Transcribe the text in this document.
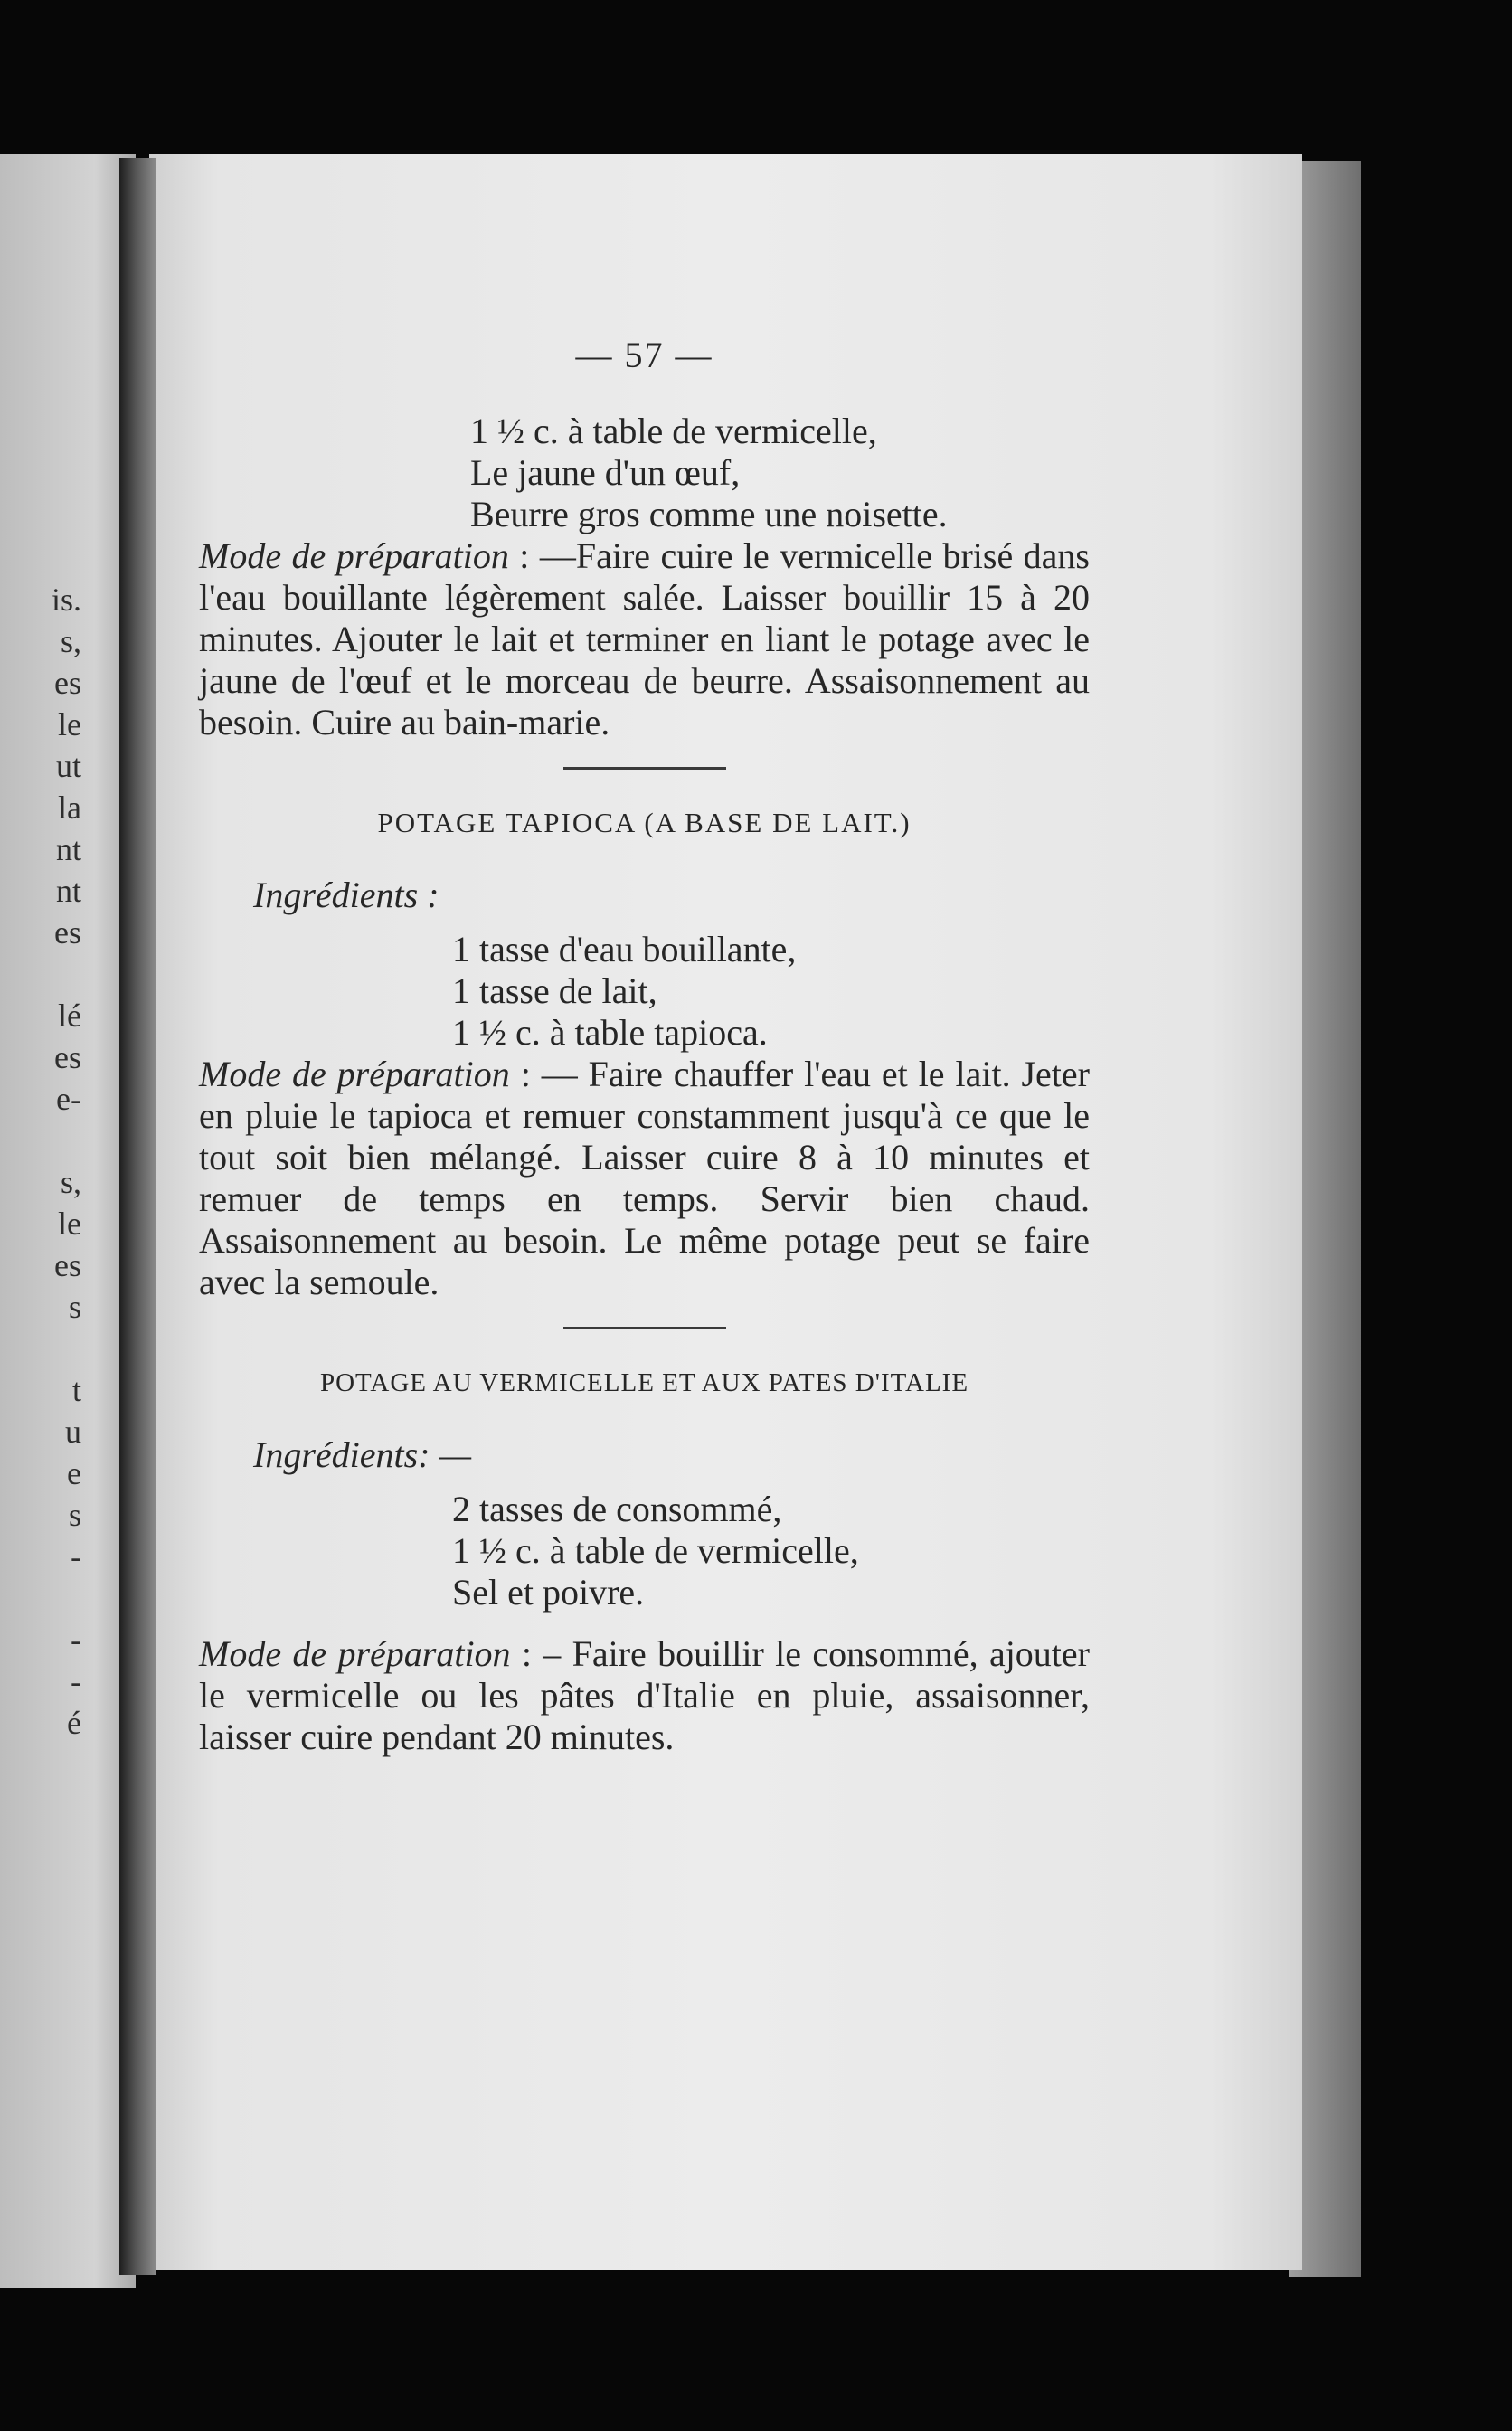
is.
s,
es
le
ut
la
nt
nt
es
lé
es
e-
s,
le
es
s
t
u
e
s
-
-
-
é
— 57 —
1 ½ c. à table de vermicelle,
Le jaune d'un œuf,
Beurre gros comme une noisette.

Mode de préparation : —Faire cuire le vermicelle brisé dans l'eau bouillante légèrement salée. Laisser bouillir 15 à 20 minutes. Ajouter le lait et terminer en liant le potage avec le jaune de l'œuf et le morceau de beurre. Assaisonnement au besoin. Cuire au bain-marie.

POTAGE TAPIOCA (A BASE DE LAIT.)
Ingrédients :
1 tasse d'eau bouillante,
1 tasse de lait,
1 ½ c. à table tapioca.

Mode de préparation : — Faire chauffer l'eau et le lait. Jeter en pluie le tapioca et remuer constamment jusqu'à ce que le tout soit bien mélangé. Laisser cuire 8 à 10 minutes et remuer de temps en temps. Servir bien chaud. Assaisonnement au besoin. Le même potage peut se faire avec la semoule.

POTAGE AU VERMICELLE ET AUX PATES D'ITALIE
Ingrédients: —
2 tasses de consommé,
1 ½ c. à table de vermicelle,
Sel et poivre.

Mode de préparation : – Faire bouillir le consommé, ajouter le vermicelle ou les pâtes d'Italie en pluie, assaisonner, laisser cuire pendant 20 minutes.
